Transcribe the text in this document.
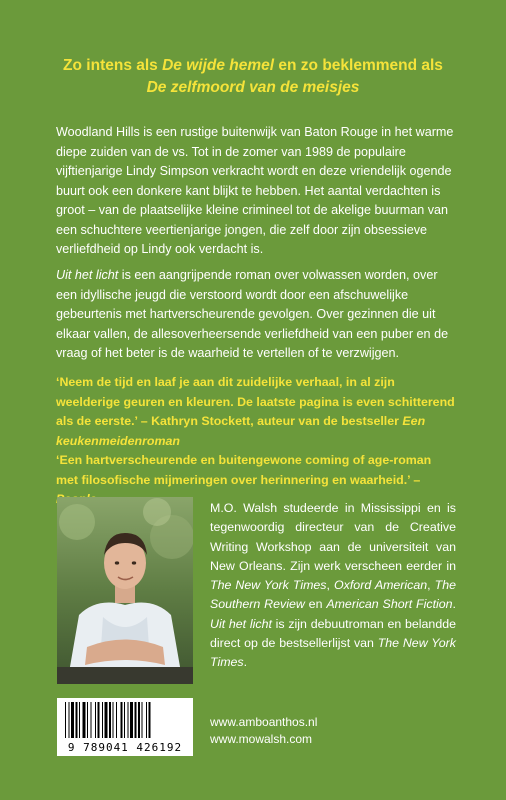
Zo intens als De wijde hemel en zo beklemmend als
De zelfmoord van de meisjes

Woodland Hills is een rustige buitenwijk van Baton Rouge in het warme diepe zuiden van de vs. Tot in de zomer van 1989 de populaire vijftienjarige Lindy Simpson verkracht wordt en deze vriendelijk ogende buurt ook een donkere kant blijkt te hebben. Het aantal verdachten is groot – van de plaatselijke kleine crimineel tot de akelige buurman van een schuchtere veertienjarige jongen, die zelf door zijn obsessieve verliefdheid op Lindy ook verdacht is.

Uit het licht is een aangrijpende roman over volwassen worden, over een idyllische jeugd die verstoord wordt door een afschuwelijke gebeurtenis met hartverscheurende gevolgen. Over gezinnen die uit elkaar vallen, de allesoverheersende verliefdheid van een puber en de vraag of het beter is de waarheid te vertellen of te verzwijgen.

‘Neem de tijd en laaf je aan dit zuidelijke verhaal, in al zijn weelderige geuren en kleuren. De laatste pagina is even schitterend als de eerste.’ – Kathryn Stockett, auteur van de bestseller Een keukenmeidenroman

‘Een hartverscheurende en buitengewone coming of age-roman met filosofische mijmeringen over herinnering en waarheid.’ –

M.O. Walsh studeerde in Mississippi en is tegenwoordig directeur van de Creative Writing Workshop aan de universiteit van New Orleans. Zijn werk verscheen eerder in The New York Times, Oxford American, The Southern Review en American Short Fiction. Uit het licht is zijn debuutroman en belandde direct op de bestsellerlijst van The New York Times.

9 789041 426192
www.amboanthos.nl
www.mowalsh.com
